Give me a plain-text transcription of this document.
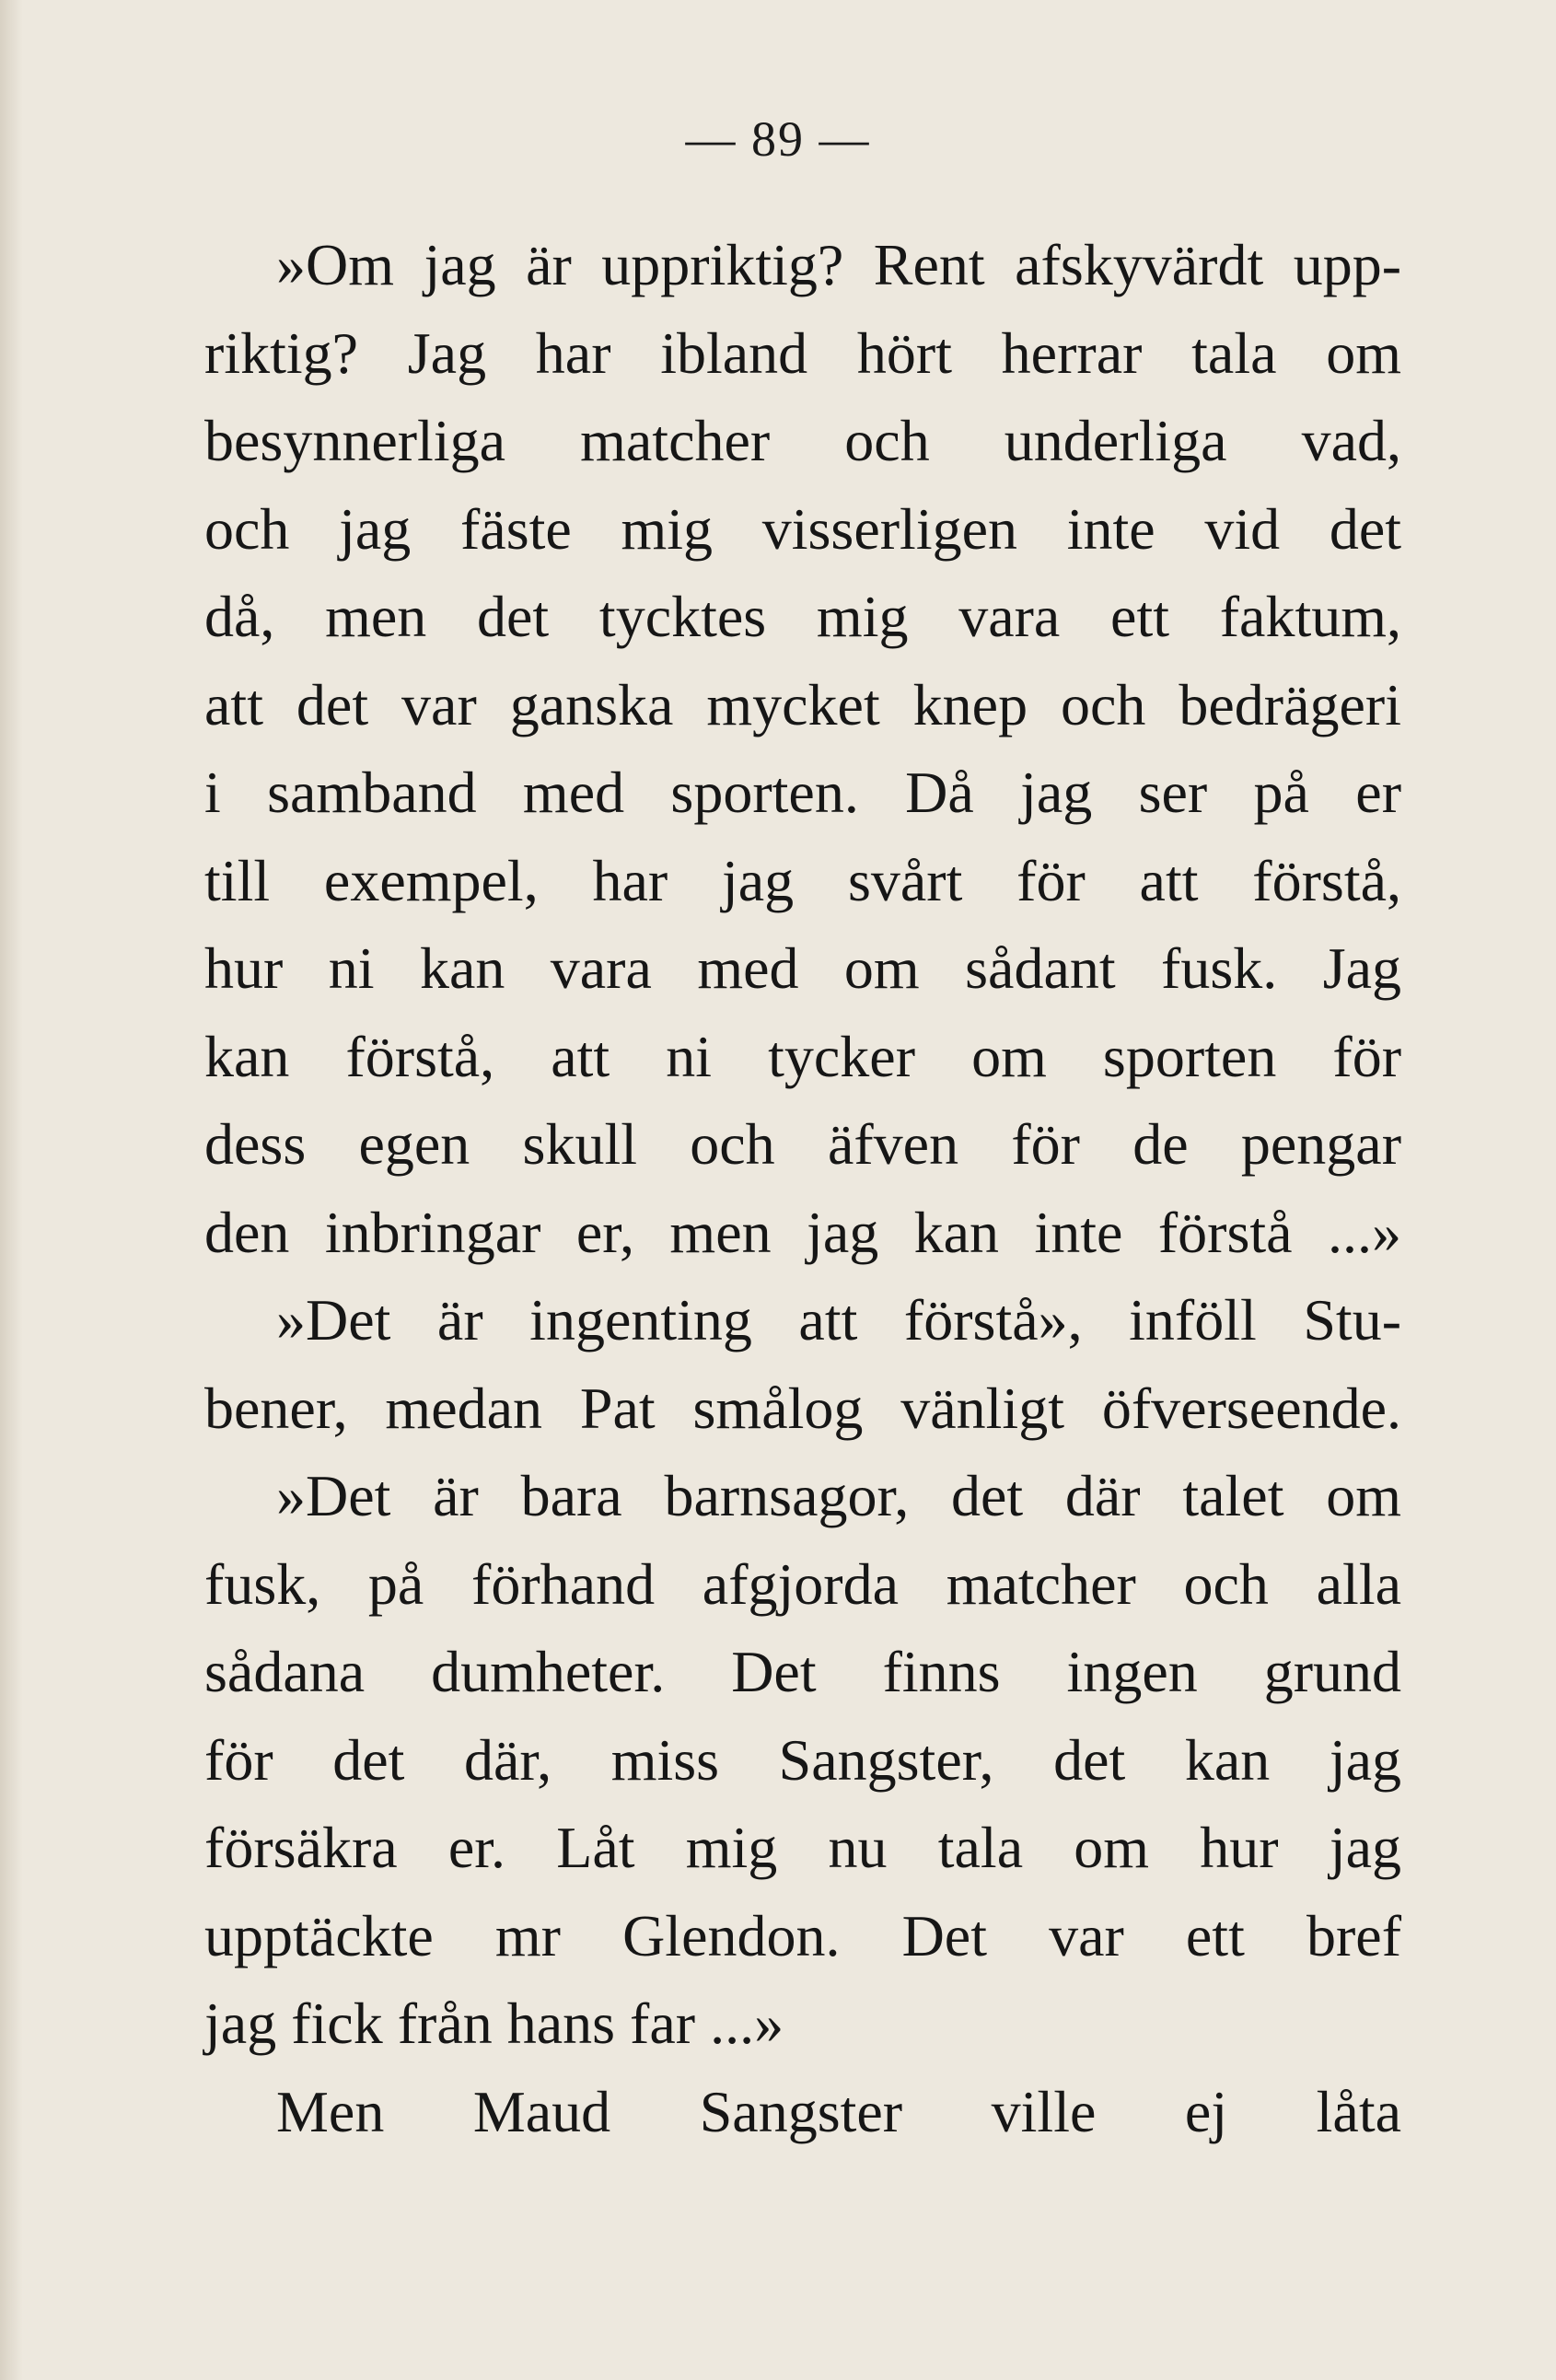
— 89 —
»Om jag är uppriktig? Rent afskyvärdt upp-
riktig? Jag har ibland hört herrar tala om
besynnerliga matcher och underliga vad,
och jag fäste mig visserligen inte vid det
då, men det tycktes mig vara ett faktum,
att det var ganska mycket knep och bedrägeri
i samband med sporten. Då jag ser på er
till exempel, har jag svårt för att förstå,
hur ni kan vara med om sådant fusk. Jag
kan förstå, att ni tycker om sporten för
dess egen skull och äfven för de pengar
den inbringar er, men jag kan inte förstå ...»
»Det är ingenting att förstå», inföll Stu-
bener, medan Pat smålog vänligt öfverseende.
»Det är bara barnsagor, det där talet om
fusk, på förhand afgjorda matcher och alla
sådana dumheter. Det finns ingen grund
för det där, miss Sangster, det kan jag
försäkra er. Låt mig nu tala om hur jag
upptäckte mr Glendon. Det var ett bref
jag fick från hans far ...»
Men Maud Sangster ville ej låta
